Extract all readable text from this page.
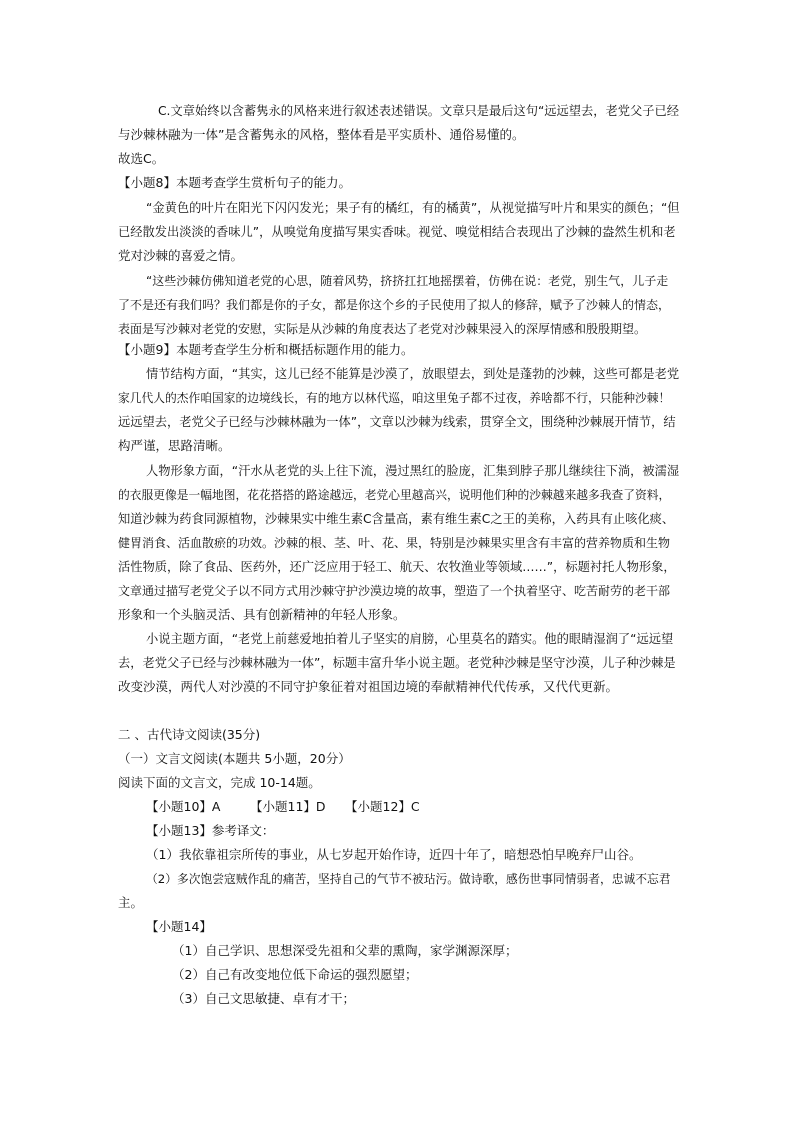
C.文章始终以含蓄隽永的风格来进行叙述表述错误。文章只是最后这句“远远望去，老党父子已经
与沙棘林融为一体”是含蓄隽永的风格，整体看是平实质朴、通俗易懂的。
故选C。
【小题8】本题考查学生赏析句子的能力。
“金黄色的叶片在阳光下闪闪发光；果子有的橘红，有的橘黄”，从视觉描写叶片和果实的颜色；“但
已经散发出淡淡的香味儿”，从嗅觉角度描写果实香味。视觉、嗅觉相结合表现出了沙棘的盎然生机和老
党对沙棘的喜爱之情。
“这些沙棘仿佛知道老党的心思，随着风势，挤挤扛扛地摇摆着，仿佛在说：老党，别生气，儿子走
了不是还有我们吗？我们都是你的子女，都是你这个乡的子民使用了拟人的修辞，赋予了沙棘人的情态，
表面是写沙棘对老党的安慰，实际是从沙棘的角度表达了老党对沙棘果浸入的深厚情感和殷殷期望。
【小题9】本题考查学生分析和概括标题作用的能力。
情节结构方面，“其实，这儿已经不能算是沙漠了，放眼望去，到处是蓬勃的沙棘，这些可都是老党
家几代人的杰作咱国家的边境线长，有的地方以林代巡，咱这里兔子都不过夜，养啥都不行，只能种沙棘！
远远望去，老党父子已经与沙棘林融为一体”，文章以沙棘为线索，贯穿全文，围绕种沙棘展开情节，结
构严谨，思路清晰。
人物形象方面，“汗水从老党的头上往下流，漫过黑红的脸庞，汇集到脖子那儿继续往下淌，被濡湿
的衣服更像是一幅地图，花花搭搭的路途越远，老党心里越高兴，说明他们种的沙棘越来越多我查了资料，
知道沙棘为药食同源植物，沙棘果实中维生素C含量高，素有维生素C之王的美称，入药具有止咳化痰、
健胃消食、活血散瘀的功效。沙棘的根、茎、叶、花、果，特别是沙棘果实里含有丰富的营养物质和生物
活性物质，除了食品、医药外，还广泛应用于轻工、航天、农牧渔业等领域……”，标题衬托人物形象，
文章通过描写老党父子以不同方式用沙棘守护沙漠边境的故事，塑造了一个执着坚守、吃苦耐劳的老干部
形象和一个头脑灵活、具有创新精神的年轻人形象。
小说主题方面，“老党上前慈爱地拍着儿子坚实的肩膀，心里莫名的踏实。他的眼睛湿润了“远远望
去，老党父子已经与沙棘林融为一体”，标题丰富升华小说主题。老党种沙棘是坚守沙漠，儿子种沙棘是
改变沙漠，两代人对沙漠的不同守护象征着对祖国边境的奉献精神代代传承，又代代更新。
二 、古代诗文阅读(35分)
（一）文言文阅读(本题共 5小题，20分）
阅读下面的文言文，完成 10-14题。
【小题10】A 【小题11】D 【小题12】C
【小题13】参考译文：
（1）我依靠祖宗所传的事业，从七岁起开始作诗，近四十年了，暗想恐怕早晚弃尸山谷。
（2）多次饱尝寇贼作乱的痛苦，坚持自己的气节不被玷污。做诗歌，感伤世事同情弱者，忠诚不忘君
主。
【小题14】
（1）自己学识、思想深受先祖和父辈的熏陶，家学渊源深厚；
（2）自己有改变地位低下命运的强烈愿望；
（3）自己文思敏捷、卓有才干；
